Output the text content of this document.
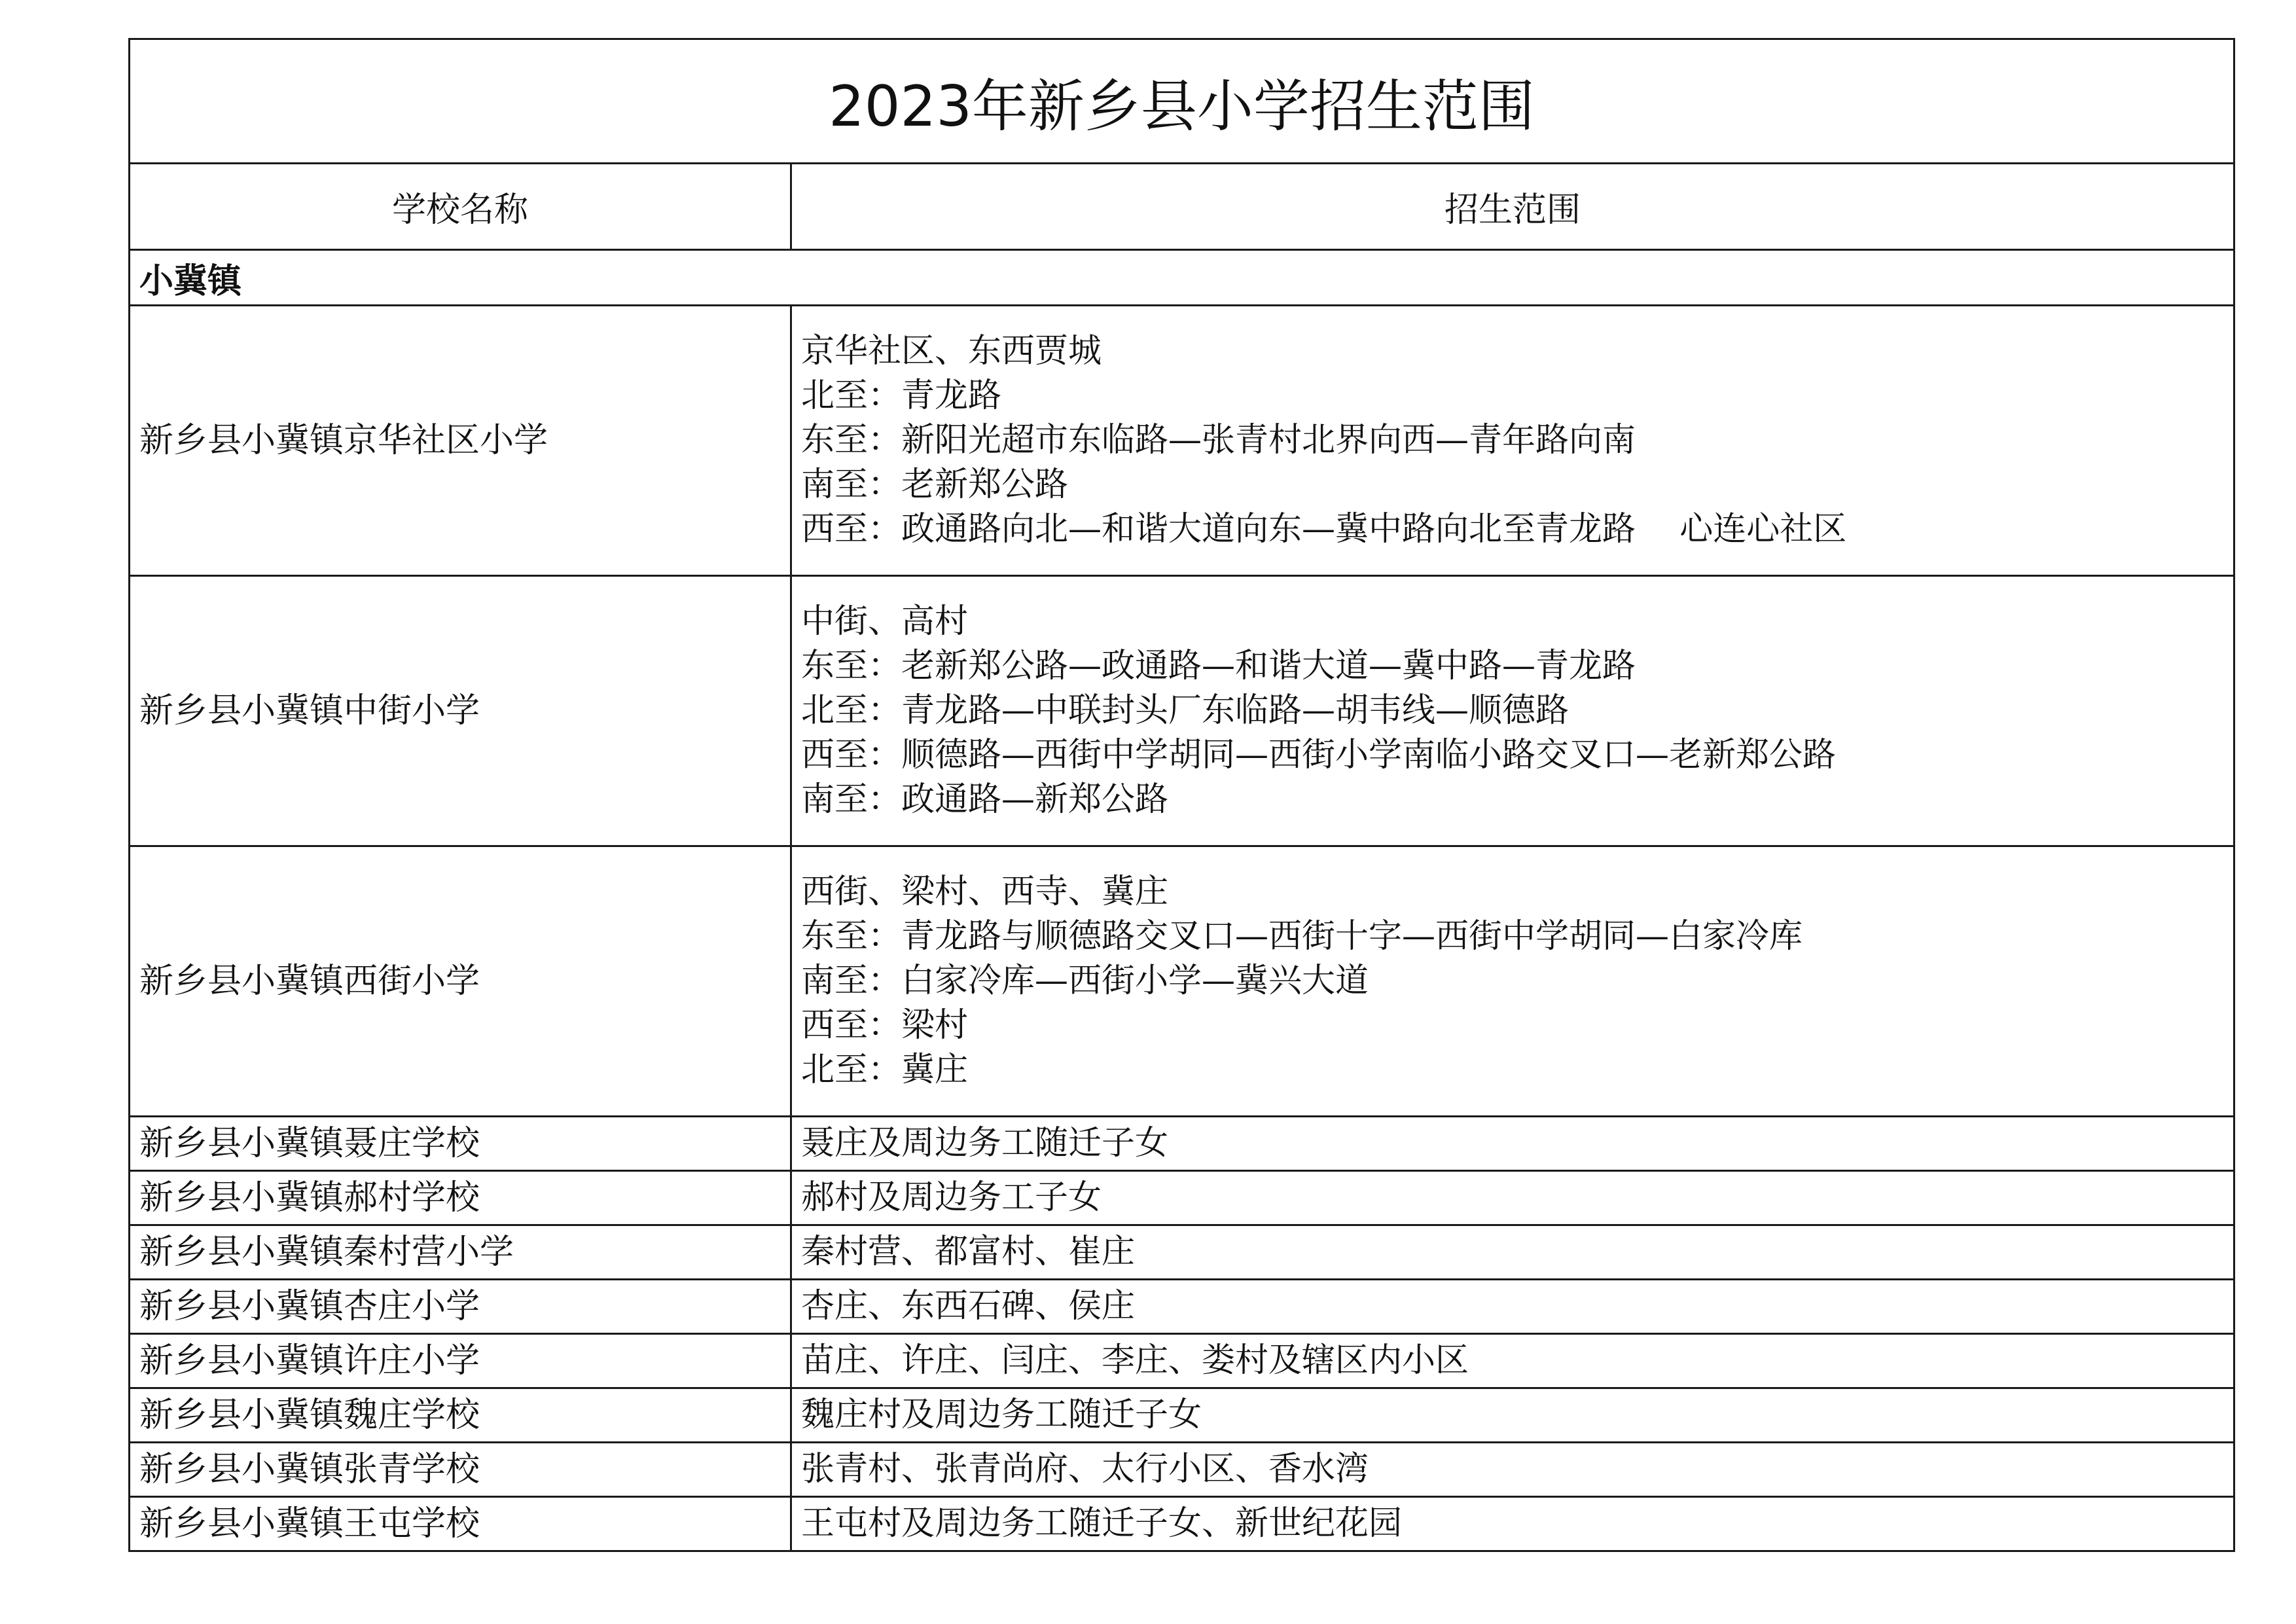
2023年新乡县小学招生范围	
学校名称	招生范围
小冀镇	
新乡县小冀镇京华社区小学	京华社区、东西贾城
北至：青龙路
东至：新阳光超市东临路—张青村北界向西—青年路向南
南至：老新郑公路
西至：政通路向北—和谐大道向东—冀中路向北至青龙路　 心连心社区

新乡县小冀镇中街小学	中街、高村
东至：老新郑公路—政通路—和谐大道—冀中路—青龙路
北至：青龙路—中联封头厂东临路—胡韦线—顺德路
西至：顺德路—西街中学胡同—西街小学南临小路交叉口—老新郑公路
南至：政通路—新郑公路

新乡县小冀镇西街小学	西街、梁村、西寺、冀庄
东至：青龙路与顺德路交叉口—西街十字—西街中学胡同—白家冷库
南至：白家冷库—西街小学—冀兴大道
西至：梁村
北至：冀庄

新乡县小冀镇聂庄学校	聂庄及周边务工随迁子女
新乡县小冀镇郝村学校	郝村及周边务工子女
新乡县小冀镇秦村营小学	秦村营、都富村、崔庄
新乡县小冀镇杏庄小学	杏庄、东西石碑、侯庄
新乡县小冀镇许庄小学	苗庄、许庄、闫庄、李庄、娄村及辖区内小区
新乡县小冀镇魏庄学校	魏庄村及周边务工随迁子女
新乡县小冀镇张青学校	张青村、张青尚府、太行小区、香水湾
新乡县小冀镇王屯学校	王屯村及周边务工随迁子女、新世纪花园
